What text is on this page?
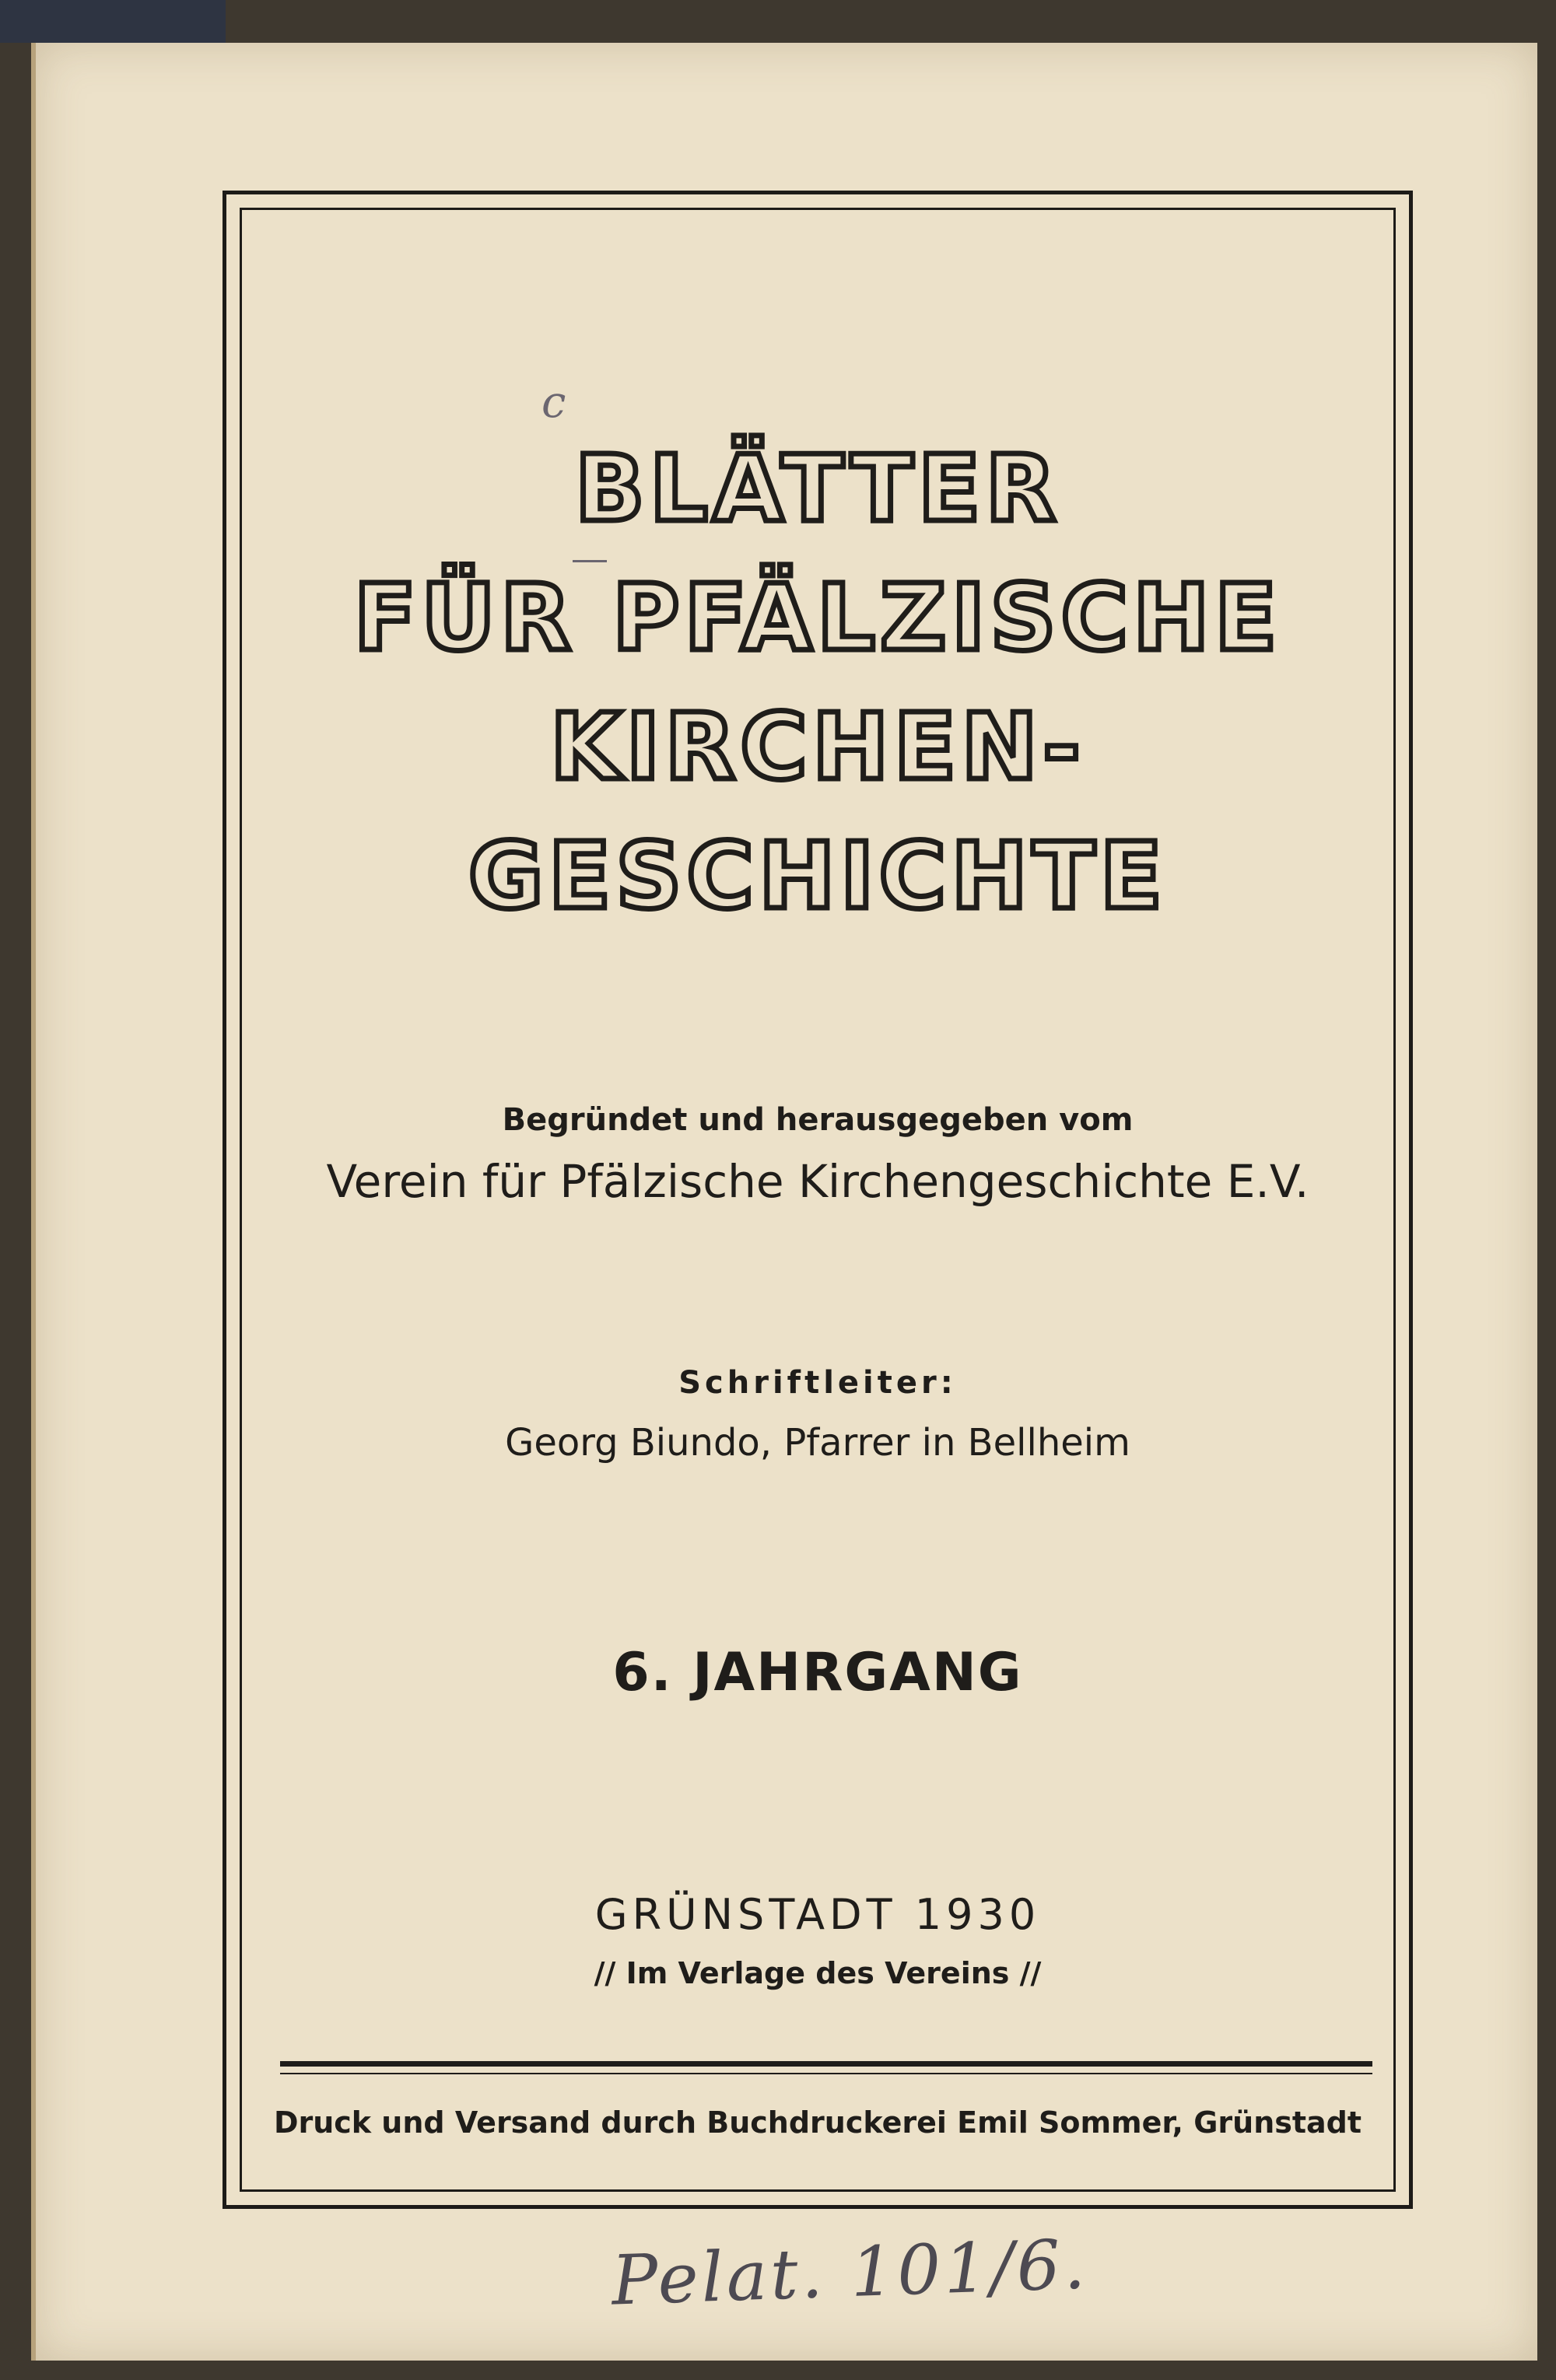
c
BLÄTTER
FÜR PFÄLZISCHE
KIRCHEN-
GESCHICHTE
Begründet und herausgegeben vom
Verein für Pfälzische Kirchengeschichte E.V.
Schriftleiter:
Georg Biundo, Pfarrer in Bellheim
6. JAHRGANG
GRÜNSTADT 1930
// Im Verlage des Vereins //
Druck und Versand durch Buchdruckerei Emil Sommer, Grünstadt
Pelat. 101/6.
